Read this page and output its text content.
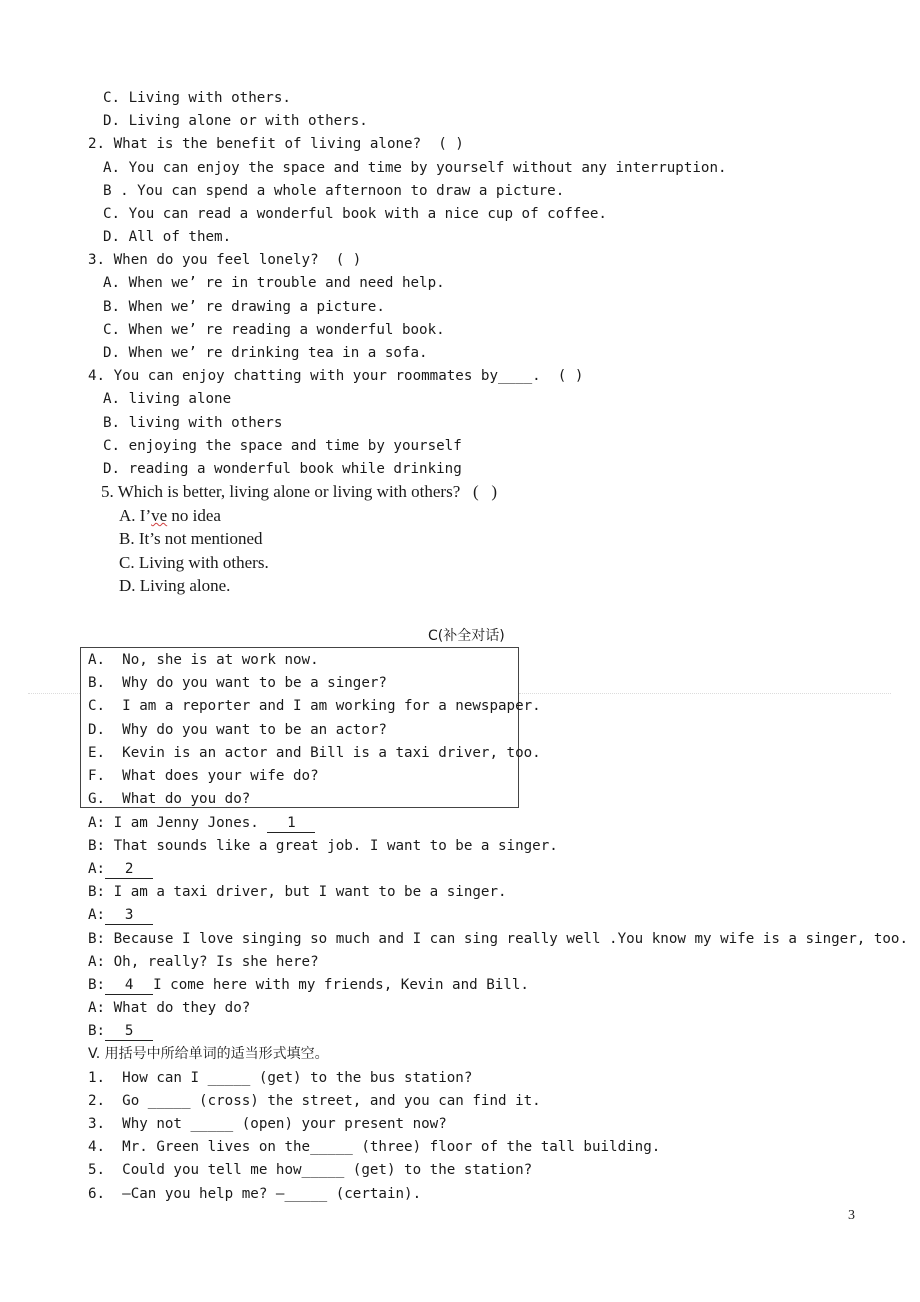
C. Living with others.
D. Living alone or with others.
2. What is the benefit of living alone?  ( )
A. You can enjoy the space and time by yourself without any interruption.
B . You can spend a whole afternoon to draw a picture.
C. You can read a wonderful book with a nice cup of coffee.
D. All of them.
3. When do you feel lonely?  ( )
A. When we’ re in trouble and need help.
B. When we’ re drawing a picture.
C. When we’ re reading a wonderful book.
D. When we’ re drinking tea in a sofa.
4. You can enjoy chatting with your roommates by____.  ( )
A. living alone
B. living with others
C. enjoying the space and time by yourself
D. reading a wonderful book while drinking
5. Which is better, living alone or living with others?   (   )
A. I’ve no idea
B. It’s not mentioned
C. Living with others.
D. Living alone.
C(补全对话)
A.  No, she is at work now.
B.  Why do you want to be a singer?
C.  I am a reporter and I am working for a newspaper.
D.  Why do you want to be an actor?
E.  Kevin is an actor and Bill is a taxi driver, too.
F.  What does your wife do?
G.  What do you do?
A: I am Jenny Jones. 1
B: That sounds like a great job. I want to be a singer.
A: 2
B: I am a taxi driver, but I want to be a singer.
A: 3
B: Because I love singing so much and I can sing really well .You know my wife is a singer, too.
A: Oh, really? Is she here?
B: 4 I come here with my friends, Kevin and Bill.
A: What do they do?
B: 5
V. 用括号中所给单词的适当形式填空。
1.  How can I _____ (get) to the bus station?
2.  Go _____ (cross) the street, and you can find it.
3.  Why not _____ (open) your present now?
4.  Mr. Green lives on the_____ (three) floor of the tall building.
5.  Could you tell me how_____ (get) to the station?
6.  –Can you help me? –_____ (certain).
3
